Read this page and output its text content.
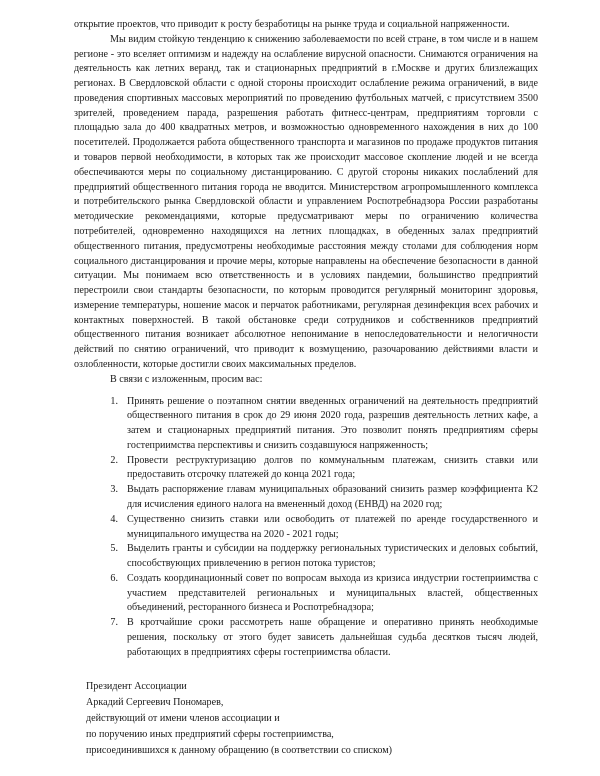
открытие проектов, что приводит к росту безработицы на рынке труда и социальной напряженности.

Мы видим стойкую тенденцию к снижению заболеваемости по всей стране, в том числе и в нашем регионе - это вселяет оптимизм и надежду на ослабление вирусной опасности. Снимаются ограничения на деятельность как летних веранд, так и стационарных предприятий в г.Москве и других близлежащих регионах. В Свердловской области с одной стороны происходит ослабление режима ограничений, в виде проведения спортивных массовых мероприятий по проведению футбольных матчей, с присутствием 3500 зрителей, проведением парада, разрешения работать фитнесс-центрам, предприятиям торговли с площадью зала до 400 квадратных метров, и возможностью одновременного нахождения в них до 100 посетителей. Продолжается работа общественного транспорта и магазинов по продаже продуктов питания и товаров первой необходимости, в которых так же происходит массовое скопление людей и не всегда обеспечиваются меры по социальному дистанцированию. С другой стороны никаких послаблений для предприятий общественного питания города не вводится. Министерством агропромышленного комплекса и потребительского рынка Свердловской области и управлением Роспотребнадзора России разработаны методические рекомендациями, которые предусматривают меры по ограничению количества потребителей, одновременно находящихся на летних площадках, в обеденных залах предприятий общественного питания, предусмотрены необходимые расстояния между столами для соблюдения норм социального дистанцирования и прочие меры, которые направлены на обеспечение безопасности в данной ситуации. Мы понимаем всю ответственность и в условиях пандемии, большинство предприятий перестроили свои стандарты безопасности, по которым проводится регулярный мониторинг здоровья, измерение температуры, ношение масок и перчаток работниками, регулярная дезинфекция всех рабочих и контактных поверхностей. В такой обстановке среди сотрудников и собственников предприятий общественного питания возникает абсолютное непонимание в непоследовательности и нелогичности действий по снятию ограничений, что приводит к возмущению, разочарованию действиями власти и озлобленности, которые достигли своих максимальных пределов.

В связи с изложенным, просим вас:

Принять решение о поэтапном снятии введенных ограничений на деятельность предприятий общественного питания в срок до 29 июня 2020 года, разрешив деятельность летних кафе, а затем и стационарных предприятий питания. Это позволит понять предприятиям сферы гостеприимства перспективы и снизить создавшуюся напряженность;
Провести реструктуризацию долгов по коммунальным платежам, снизить ставки или предоставить отсрочку платежей до конца 2021 года;
Выдать распоряжение главам муниципальных образований снизить размер коэффициента К2 для исчисления единого налога на вмененный доход (ЕНВД) на 2020 год;
Существенно снизить ставки или освободить от платежей по аренде государственного и муниципального имущества на 2020 - 2021 годы;
Выделить гранты и субсидии на поддержку региональных туристических и деловых событий, способствующих привлечению в регион потока туристов;
Создать координационный совет по вопросам выхода из кризиса индустрии гостеприимства с участием представителей региональных и муниципальных властей, общественных объединений, ресторанного бизнеса и Роспотребнадзора;
В кротчайшие сроки рассмотреть наше обращение и оперативно принять необходимые решения, поскольку от этого будет зависеть дальнейшая судьба десятков тысяч людей, работающих в предприятиях сферы гостеприимства области.
Президент Ассоциации
Аркадий Сергеевич Пономарев,
действующий от имени членов ассоциации и
по поручению иных предприятий сферы гостеприимства,
присоединившихся к данному обращению (в соответствии со списком)
